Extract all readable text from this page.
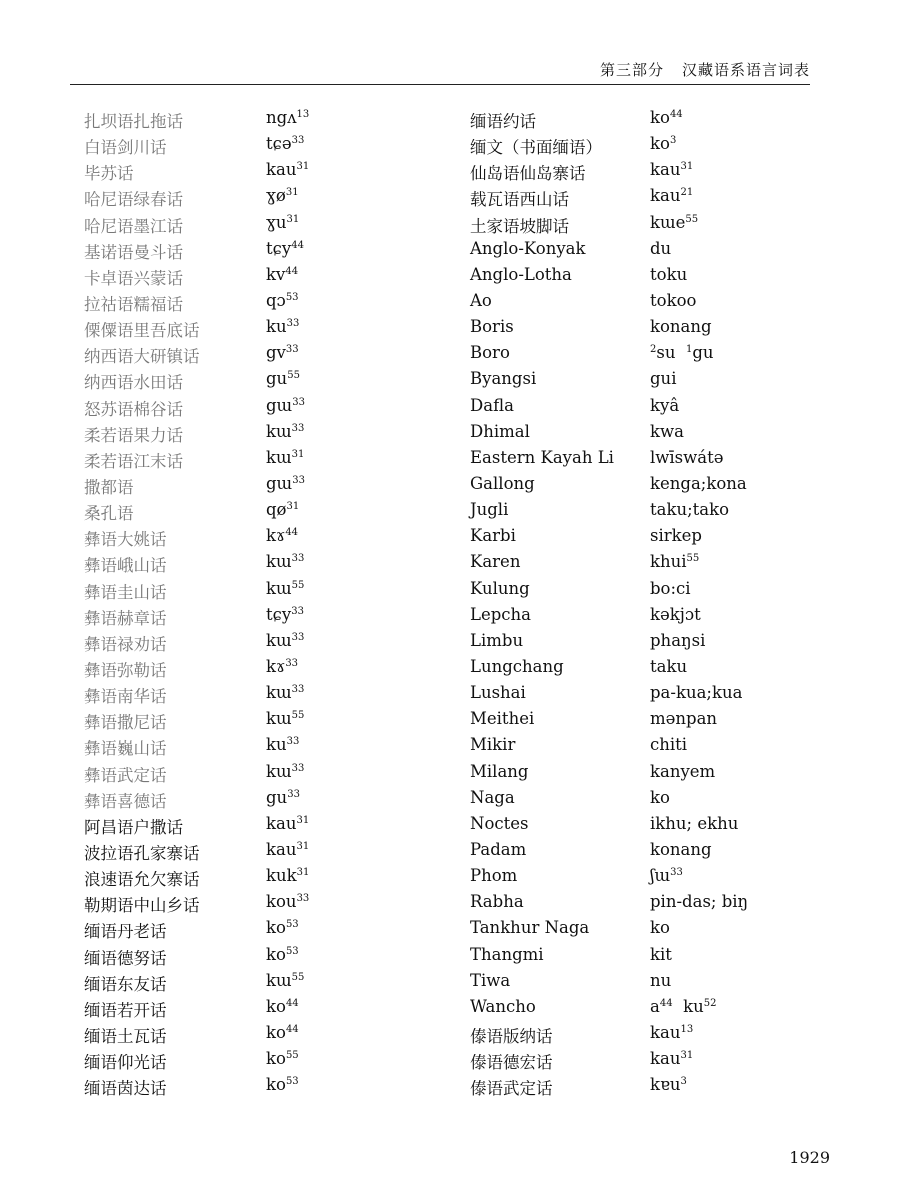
第三部分 汉藏语系语言词表
扎坝语扎拖话	ngʌ$^{13}$
白语剑川话	tɕə$^{33}$
毕苏话	kau$^{31}$
哈尼语绿春话	ɣø$^{31}$
哈尼语墨江话	ɣu$^{31}$
基诺语曼斗话	tɕy$^{44}$
卡卓语兴蒙话	$kv^{44}$
拉祜语糯福话	qɔ$^{53}$
傈僳语里吾底话	$ku^{33}$
纳西语大研镇话	$gv^{33}$
纳西语水田话	$gu^{55}$
怒苏语棉谷话	gɯ$^{33}$
柔若语果力话	kɯ$^{33}$
柔若语江末话	kɯ$^{31}$
撒都语	gɯ$^{33}$
桑孔语	$qø^{31}$
彝语大姚话	kɤ$^{44}$
彝语峨山话	kɯ$^{33}$
彝语圭山话	kɯ$^{55}$
彝语赫章话	tɕy$^{33}$
彝语禄劝话	kɯ$^{33}$
彝语弥勒话	kɤ$^{33}$
彝语南华话	kɯ$^{33}$
彝语撒尼话	kɯ$^{55}$
彝语巍山话	$ku^{33}$
彝语武定话	kɯ$^{33}$
彝语喜德话	$gu^{33}$
阿昌语户撒话	kau$^{31}$
波拉语孔家寨话	kau$^{31}$
浪速语允欠寨话	kuk$^{31}$
勒期语中山乡话	kou$^{33}$
缅语丹老话	$ko^{53}$
缅语德努话	$ko^{53}$
缅语东友话	kɯ$^{55}$
缅语若开话	$ko^{44}$
缅语土瓦话	$ko^{44}$
缅语仰光话	$ko^{55}$
缅语茵达话	$ko^{53}$
缅语约话	$ko^{44}$
缅文（书面缅语）	$ko^3$
仙岛语仙岛寨话	kau$^{31}$
载瓦语西山话	kau$^{21}$
土家语坡脚话	kɯe$^{55}$
Anglo-Konyak	du
Anglo-Lotha	toku
Ao	tokoo
Boris	konang
Boro	$^2$su  $^1$gu
Byangsi	gui
Dafla	kyâ
Dhimal	kwa
Eastern Kayah Li lwīswátə
Gallong	kenga;kona
Jugli	taku;tako
Karbi	sirkep
Karen	khui$^{55}$
Kulung	bo:ci
Lepcha	kəkjɔt
Limbu	phaŋsi
Lungchang	taku
Lushai	pa-kua;kua
Meithei	mənpan
Mikir	chiti
Milang	kanyem
Naga	ko
Noctes	ikhu; ekhu
Padam	konang
Phom	ʃɯ$^{33}$
Rabha	pin-das; biŋ
Tankhur Naga	ko
Thangmi	kit
Tiwa	nu
Wancho	$a^{44}$  $ku^{52}$
傣语版纳话	kau$^{13}$
傣语德宏话	kau$^{31}$
傣语武定话	kɐu$^3$
1929
